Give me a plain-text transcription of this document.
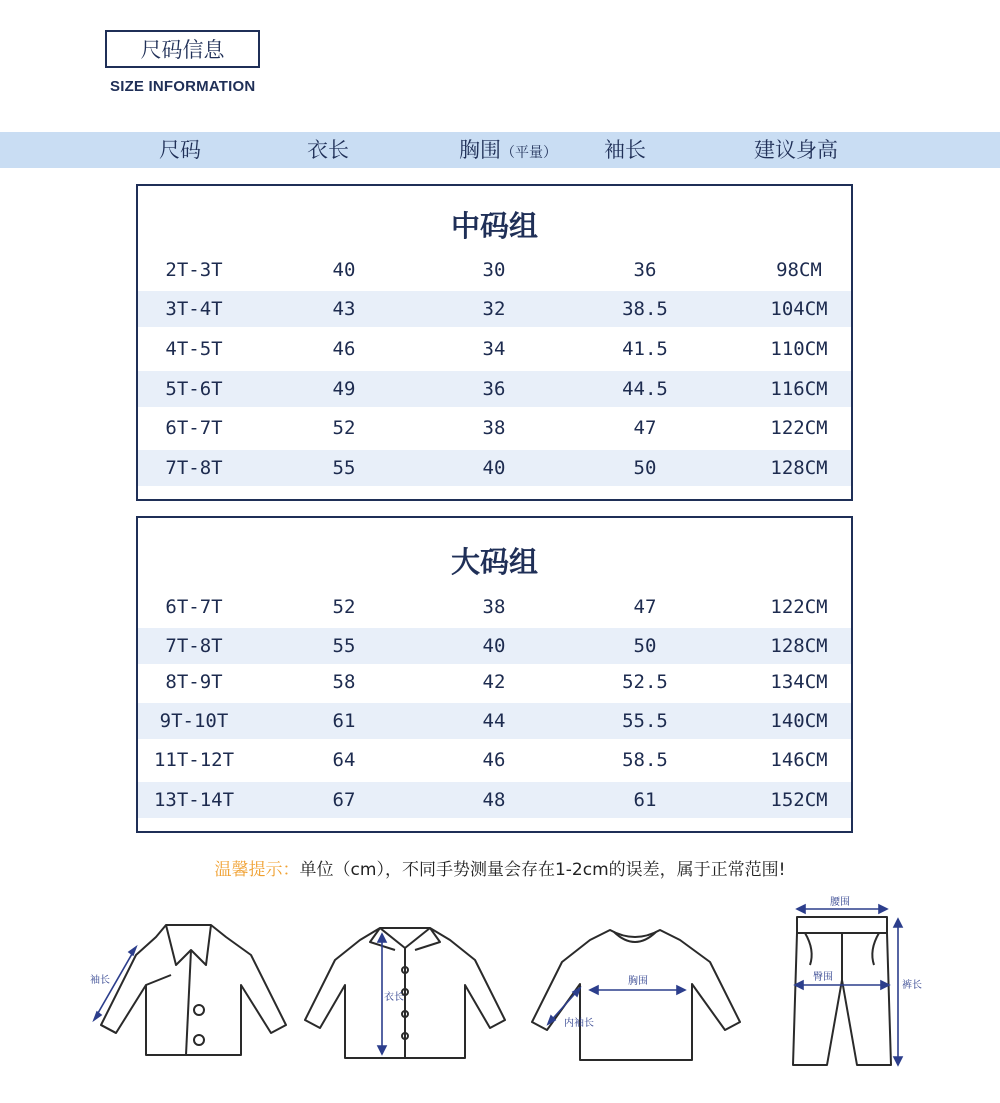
尺码信息
SIZE INFORMATION
尺码	衣长	胸围（平量） 袖长	建议身高
中码组
2T-3T	40	30	36	98CM
3T-4T	43	32	38.5	104CM
4T-5T	46	34	41.5	110CM
5T-6T	49	36	44.5	116CM
6T-7T	52	38	47	122CM
7T-8T	55	40	50	128CM
大码组
6T-7T	52	38	47	122CM
7T-8T	55	40	50	128CM
8T-9T	58	42	52.5	134CM
9T-10T	61	44	55.5	140CM
11T-12T	64	46	58.5	146CM
13T-14T	67	48	61	152CM
温馨提示：单位（cm），不同手势测量会存在1-2cm的误差，属于正常范围!
袖长
衣长
胸围
内袖长
腰围
臀围
裤长
